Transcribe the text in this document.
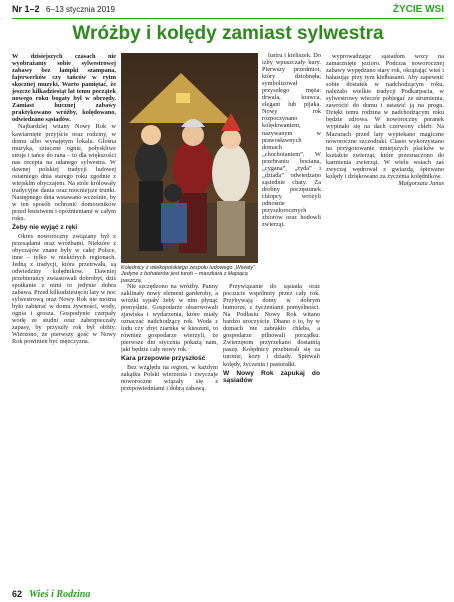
Nr 1–2 6–13 stycznia 2019	ŻYCIE WSI
Wróżby i kolędy zamiast sylwestra

W dzisiejszych czasach nie wyobrażamy sobie sylwestrowej zabawy bez lampki szampana, fajerwerków czy tańców w rytm skocznej muzyki. Warto pamiętać, że jeszcze kilkadziesiąt lat temu początek nowego roku bogaty był w obrzędy. Zamiast hucznej zabawy praktykowano wróżby, kolędowano, odwiedzano sąsiadów.

Najbardziej witany Nowy Rok w kawiarnięte przyjście oraz rodziny, w domu albo wynajętym lokalu. Głośna muzyka, sztuczne ognie, połyskliwe stroje i tańce do rana – to dla większości nas recepta na udanego sylwestra. W dawnej polskiej tradycji ludowej ostatniego dnia starego roku zgodnie z wiejskim obyczajem. Na stole królowały tradycyjne dania oraz mocniejsze trunki. Następnego dnia wstawano wcześnie, by w ten sposób ochronić domowników przed lenistwem i opóźnieniami w całym roku.

Żeby nie wyjąć z ręki

Okres noworoczny związany był z przesądami oraz wróżbami. Niektóre z obyczajów znane były w całej Polsce, inne – tylko w niektórych regionach. Jedną z tradycji, która przetrwała, są odwiedziny kolędników. Dawniej przebierańcy zwiastowali dobrobyt, dziś spotkanie z nimi to jedynie dobra zabawa. Przed kilkudziesięciu laty w noc sylwestrową oraz Nowy Rok nie można było zabierać w domu żywności, wody, ognia i grosza. Gospodynie czerpały wodę ze studni oraz zabezpieczały zapasy, by przyszły rok był obfity. Wierzono, że pierwszy gość w Nowy Rok powinien być mężczyzna.

Kolędnicy z wielkopolskiego zespołu ludowego „Wiwaty”. Jedyne z bohaterów jest turoń – maszkara z kłapiącą paszczą.

lustru i kieliszek. Do izby wpuszczały kury. Pierwszy przedmiot, który dziobnęła, symbolizował przyszłego męża: drwala, krawca, elegant lub pijaka. Nowy rok rozpoczynano kolędowaniem, nazywanym w prawosławnych domach „chochotaniem”. W przebraniu bociana, „cygana”, „żyda” i „dziada” odwiedzano sąsiednie chaty. Za drobny poczęstunek chłopcy wróżyli odnośnie przyszłorocznych zbiorów oraz hodowli zwierząt.

Nie szczędzono na wróżby. Panny zaklinały nowy element garderoby, a wróżki sypały żeby w nim płynąć pomyślnie. Gospodarze obserwowali zjawiska i wydarzenia, które miały oznaczać nadchodzący rok. Woda z lodu czy zbyt ziarnka w kieszeni, to również gospodarze wierzyli, że pierwsze dni stycznia pokażą nam, jaki będzie cały nowy rok.

Kara przepowie przyszłość

Bez względu na region, w każdym zakątku Polski wierzenia i zwyczaje noworoczne wiązały się z przepowiedniami i dobrą zabawą.

Przywiązanie do sąsiada oraz poczucie wspólnoty przez cały rok. Przybywają domy w dobrym humorze, z życzeniami pomyślności. Na Podlasiu Nowy Rok witano bardzo uroczyście. Dbano o to, by w domach nie zabrakło chleba, a gospodarze pilnowali porządku. Zwierzętom przyrzekano dostatnią paszę. Kolędnicy przebierali się za turonie, kozy i dziady. Śpiewali kolędy, życzenia i pastorałki.

W Nowy Rok zapukaj do sąsiadów

wyprowadzając sąsiadom wozy na zamarznięte jezioro. Podczas noworocznej zabawy wypędzano stary rok, okrążając wieś i hałasując przy tym kiełbasami. Aby zapewnić sobie dostatek w nadchodzącym roku, należało wielkie tradycji Podkarpacia, w sylwestrowy wieczór pobiegać ze strumienia, zawrócić do domu i ustawić ją na progu. Dzięki temu rodzina w nadchodzącym roku będzie zdrowa. W noworoczny poranek wypinało się na dach czerwony chleb. Na Mazurach przed laty wypiekano magiczne noworoczne szczodraki. Ciasto wykorzystano na przygotowanie mniejszych placków w kształcie zwierząt, które przeznaczono do karmienia zwierząt. W wielu wsiach zaś zwyczaj wędrował z gwiazdą, śpiewano kolędy i dziękowano za życzenia kolędników.

Małgorzata Janus

62 Wieś i Rodzina
